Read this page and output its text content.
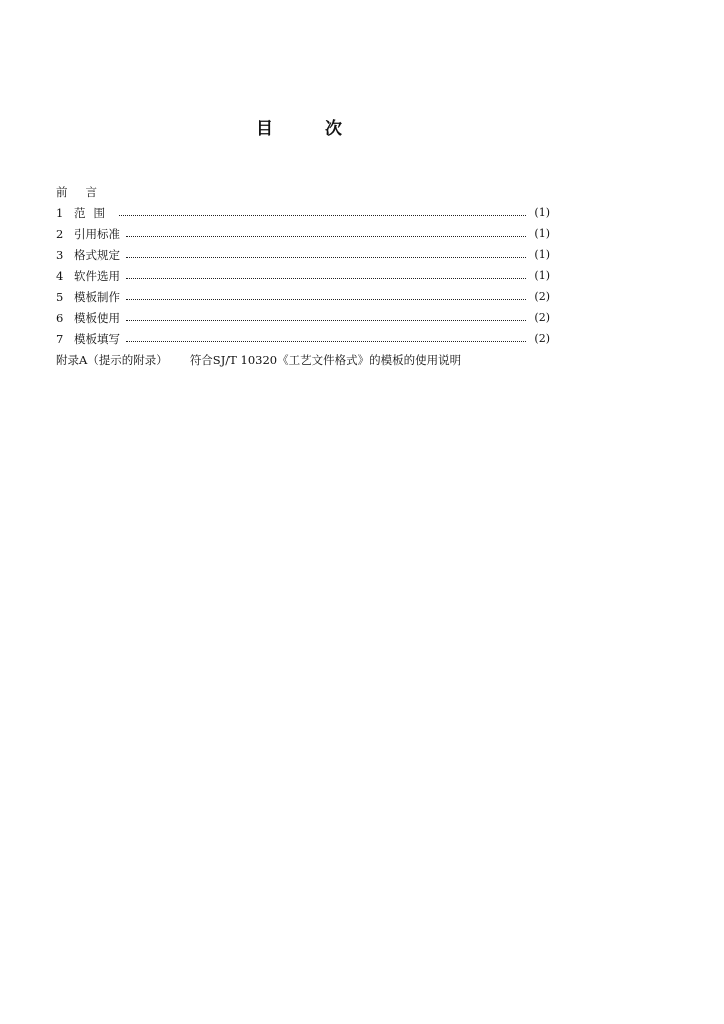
目	次
前言
1 范围	(1)
2 引用标准	(1)
3 格式规定	(1)
4 软件选用	(1)
5 模板制作	(2)
6 模板使用	(2)
7 模板填写	(2)
附录A（提示的附录） 符合SJ/T 10320《工艺文件格式》的模板的使用说明
